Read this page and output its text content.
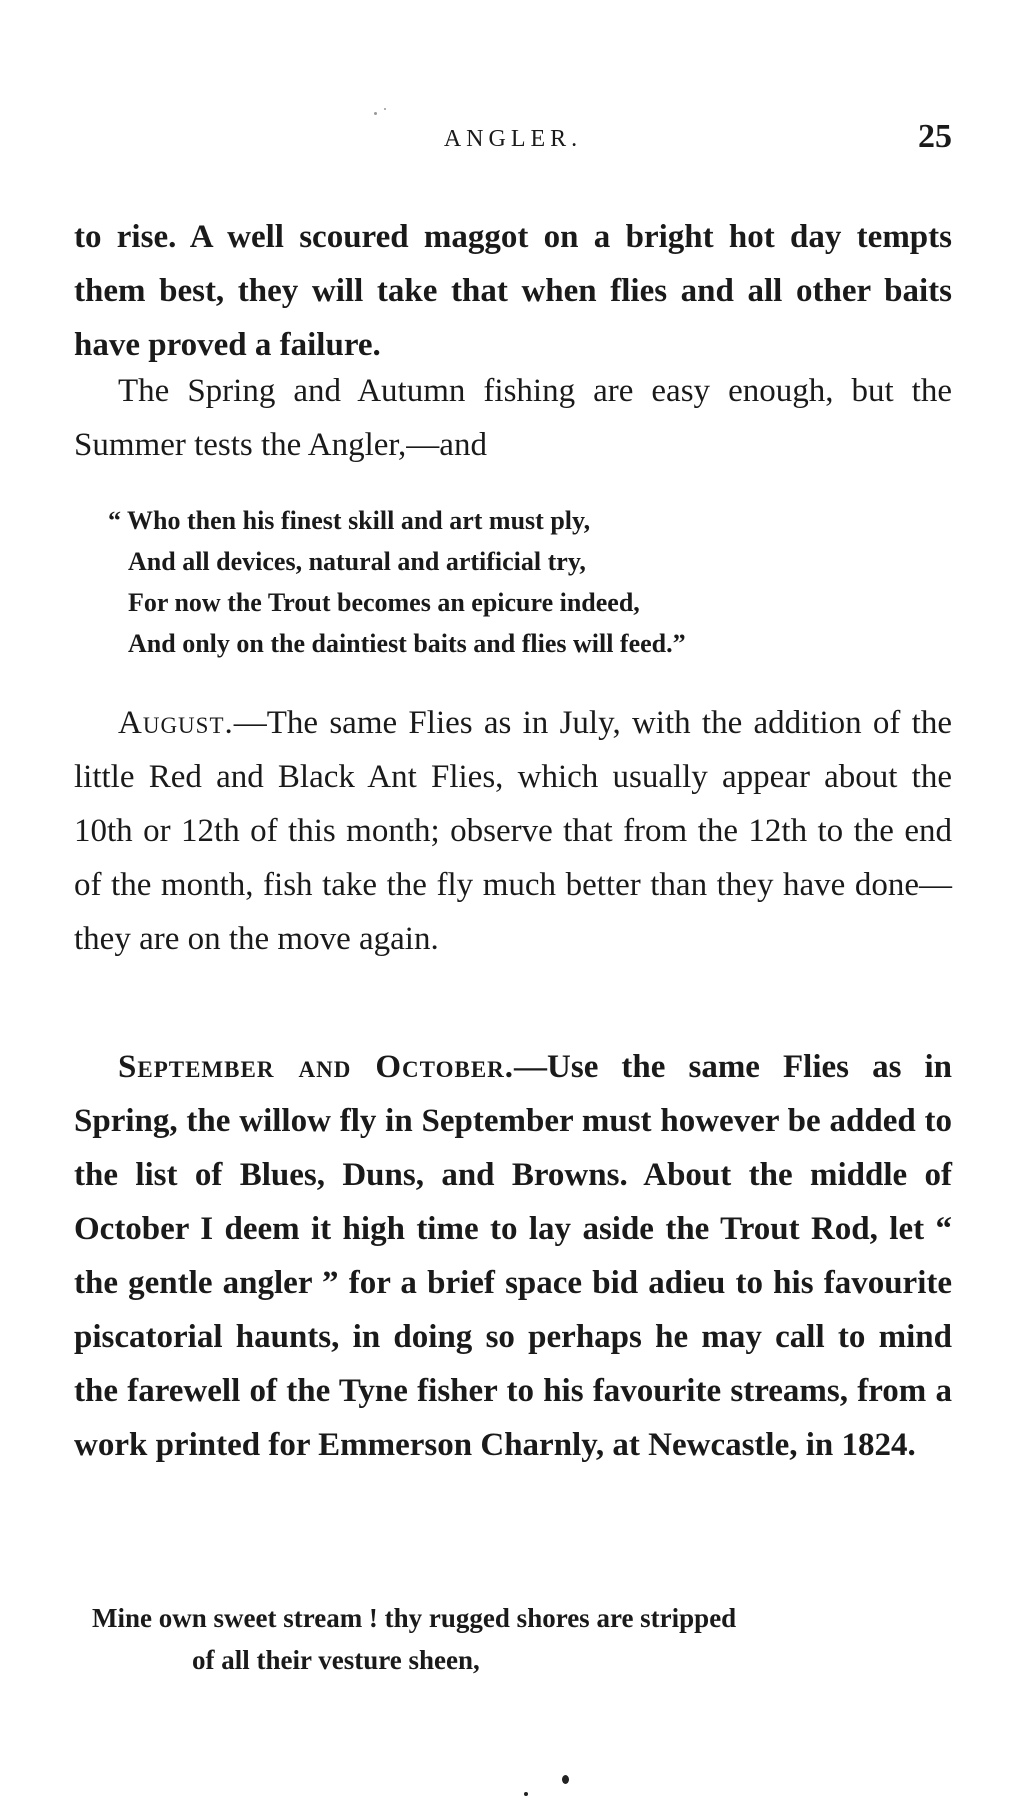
ANGLER.	25

to rise. A well scoured maggot on a bright hot day tempts them best, they will take that when flies and all other baits have proved a failure.

The Spring and Autumn fishing are easy enough, but the Summer tests the Angler,—and

“ Who then his finest skill and art must ply,
And all devices, natural and artificial try,
For now the Trout becomes an epicure indeed,
And only on the daintiest baits and flies will feed.”

August.—The same Flies as in July, with the addition of the little Red and Black Ant Flies, which usually appear about the 10th or 12th of this month; observe that from the 12th to the end of the month, fish take the fly much better than they have done—they are on the move again.

September and October.—Use the same Flies as in Spring, the willow fly in September must however be added to the list of Blues, Duns, and Browns. About the middle of October I deem it high time to lay aside the Trout Rod, let “ the gentle angler ” for a brief space bid adieu to his favourite piscatorial haunts, in doing so perhaps he may call to mind the farewell of the Tyne fisher to his favourite streams, from a work printed for Emmerson Charnly, at Newcastle, in 1824.

Mine own sweet stream ! thy rugged shores are stripped
of all their vesture sheen,
